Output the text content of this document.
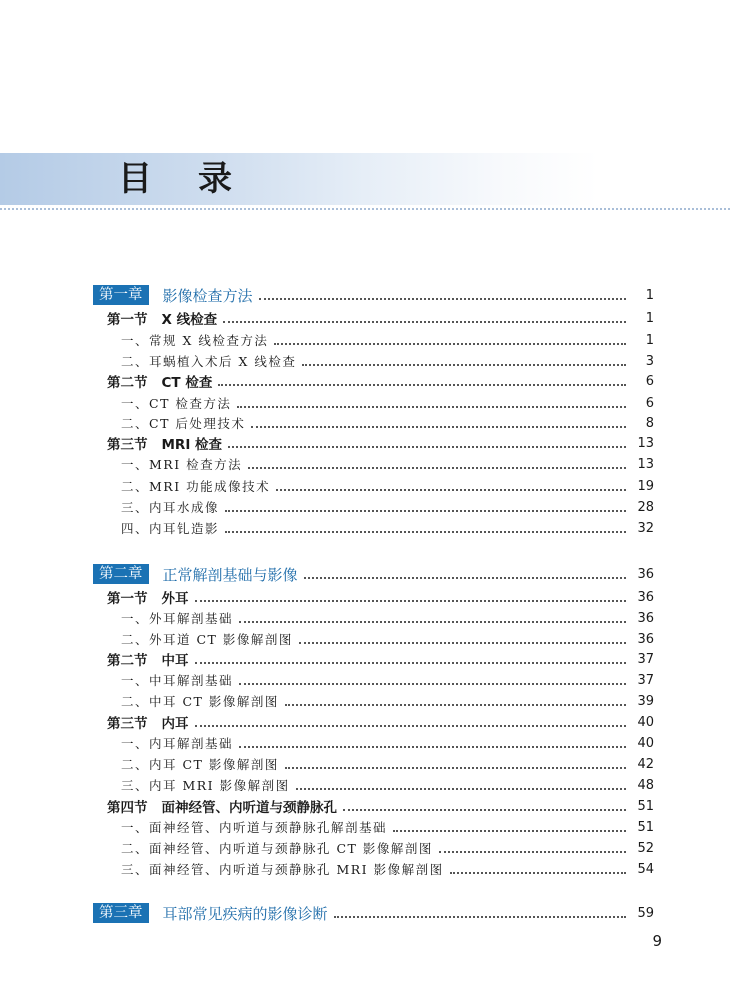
目录
第一章	影像检查方法	1
第一节 X 线检查	1
一、常规 X 线检查方法	1
二、耳蜗植入术后 X 线检查	3
第二节 CT 检查	6
一、CT 检查方法	6
二、CT 后处理技术	8
第三节 MRI 检查	13
一、MRI 检查方法	13
二、MRI 功能成像技术	19
三、内耳水成像	28
四、内耳钆造影	32
第二章	正常解剖基础与影像	36
第一节 外耳	36
一、外耳解剖基础	36
二、外耳道 CT 影像解剖图	36
第二节 中耳	37
一、中耳解剖基础	37
二、中耳 CT 影像解剖图	39
第三节 内耳	40
一、内耳解剖基础	40
二、内耳 CT 影像解剖图	42
三、内耳 MRI 影像解剖图	48
第四节 面神经管、内听道与颈静脉孔	51
一、面神经管、内听道与颈静脉孔解剖基础	51
二、面神经管、内听道与颈静脉孔 CT 影像解剖图	52
三、面神经管、内听道与颈静脉孔 MRI 影像解剖图	54
第三章	耳部常见疾病的影像诊断	59
9
